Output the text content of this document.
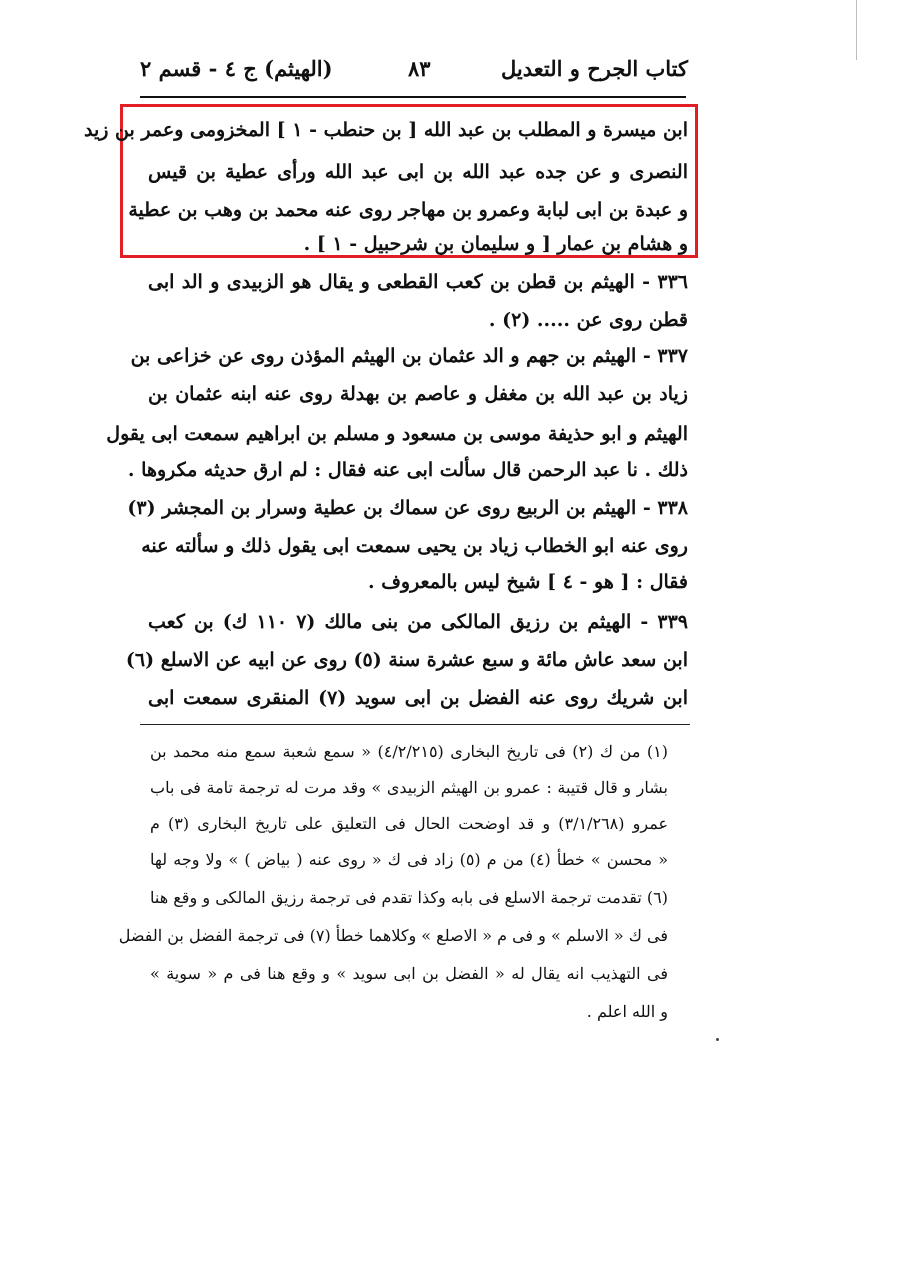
كتاب الجرح و التعديل
٨٣
(الهيثم) ج ٤ - قسم ٢
ابن ميسرة و المطلب بن عبد الله [ بن حنطب - ١ ] المخزومى وعمر بن زيد
النصرى و عن جده عبد الله بن ابى عبد الله ورأى عطية بن قيس
و عبدة بن ابى لبابة وعمرو بن مهاجر روى عنه محمد بن وهب بن عطية
و هشام بن عمار [ و سليمان بن شرحبيل - ١ ] .
٣٣٦ - الهيثم بن قطن بن كعب القطعى و يقال هو الزبيدى و الد ابى
قطن روى عن ..... (٢) .
٣٣٧ - الهيثم بن جهم و الد عثمان بن الهيثم المؤذن روى عن خزاعى بن
زياد بن عبد الله بن مغفل و عاصم بن بهدلة روى عنه ابنه عثمان بن
الهيثم و ابو حذيفة موسى بن مسعود و مسلم بن ابراهيم سمعت ابى يقول
ذلك . نا عبد الرحمن قال سألت ابى عنه فقال : لم ارق حديثه مكروها .
٣٣٨ - الهيثم بن الربيع روى عن سماك بن عطية وسرار بن المجشر (٣)
روى عنه ابو الخطاب زياد بن يحيى سمعت ابى يقول ذلك و سألته عنه
فقال : [ هو - ٤ ] شيخ ليس بالمعروف .
٣٣٩ - الهيثم بن رزيق المالكى من بنى مالك (٧ ١١٠ ك) بن كعب
ابن سعد عاش مائة و سبع عشرة سنة (٥) روى عن ابيه عن الاسلع (٦)
ابن شريك روى عنه الفضل بن ابى سويد (٧) المنقرى سمعت ابى
(١) من ك (٢) فى تاريخ البخارى (٤/٢/٢١٥) « سمع شعبة سمع منه محمد بن
بشار و قال قتيبة : عمرو بن الهيثم الزبيدى » وقد مرت له ترجمة تامة فى باب
عمرو (٣/١/٢٦٨) و قد اوضحت الحال فى التعليق على تاريخ البخارى (٣) م
« محسن » خطأ (٤) من م (٥) زاد فى ك « روى عنه ( بياض ) » ولا وجه لها
(٦) تقدمت ترجمة الاسلع فى بابه وكذا تقدم فى ترجمة رزيق المالكى و وقع هنا
فى ك « الاسلم » و فى م « الاصلع » وكلاهما خطأ (٧) فى ترجمة الفضل بن الفضل
فى التهذيب انه يقال له « الفضل بن ابى سويد » و وقع هنا فى م « سوية »
و الله اعلم .
